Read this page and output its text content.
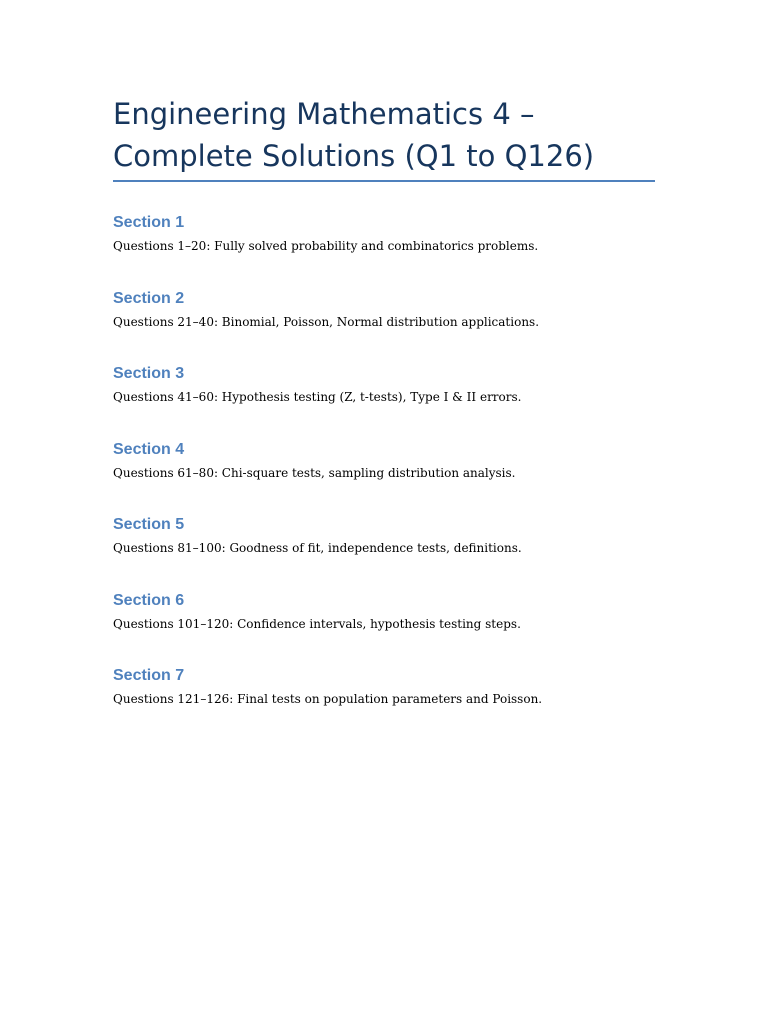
Engineering Mathematics 4 – Complete Solutions (Q1 to Q126)
Section 1

Questions 1–20: Fully solved probability and combinatorics problems.

Section 2

Questions 21–40: Binomial, Poisson, Normal distribution applications.

Section 3

Questions 41–60: Hypothesis testing (Z, t-tests), Type I & II errors.

Section 4

Questions 61–80: Chi-square tests, sampling distribution analysis.

Section 5

Questions 81–100: Goodness of fit, independence tests, definitions.

Section 6

Questions 101–120: Confidence intervals, hypothesis testing steps.

Section 7

Questions 121–126: Final tests on population parameters and Poisson.
